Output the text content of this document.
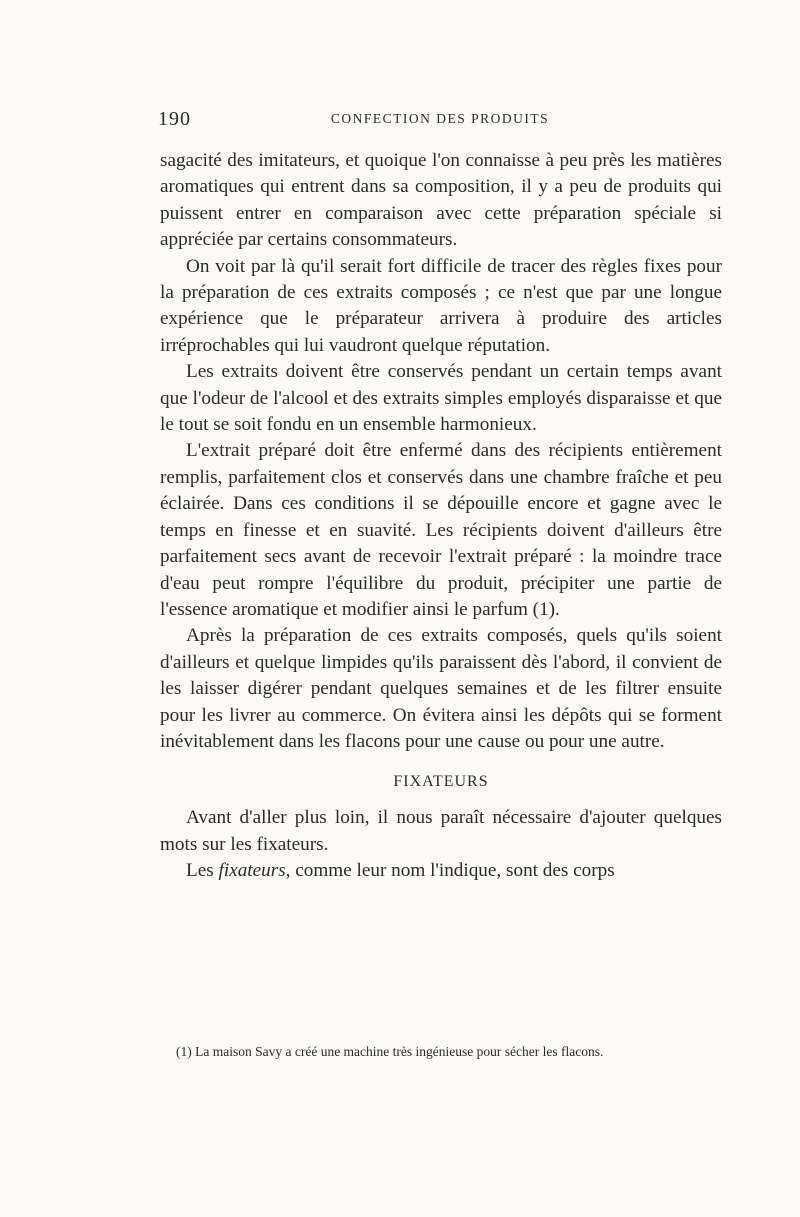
190	CONFECTION DES PRODUITS

sagacité des imitateurs, et quoique l'on connaisse à peu près les matières aromatiques qui entrent dans sa composition, il y a peu de produits qui puissent entrer en comparaison avec cette préparation spéciale si appréciée par certains consommateurs.

On voit par là qu'il serait fort difficile de tracer des règles fixes pour la préparation de ces extraits composés ; ce n'est que par une longue expérience que le préparateur arrivera à produire des articles irréprochables qui lui vaudront quelque réputation.

Les extraits doivent être conservés pendant un certain temps avant que l'odeur de l'alcool et des extraits simples employés disparaisse et que le tout se soit fondu en un ensemble harmonieux.

L'extrait préparé doit être enfermé dans des récipients entièrement remplis, parfaitement clos et conservés dans une chambre fraîche et peu éclairée. Dans ces conditions il se dépouille encore et gagne avec le temps en finesse et en suavité. Les récipients doivent d'ailleurs être parfaitement secs avant de recevoir l'extrait préparé : la moindre trace d'eau peut rompre l'équilibre du produit, précipiter une partie de l'essence aromatique et modifier ainsi le parfum (1).

Après la préparation de ces extraits composés, quels qu'ils soient d'ailleurs et quelque limpides qu'ils paraissent dès l'abord, il convient de les laisser digérer pendant quelques semaines et de les filtrer ensuite pour les livrer au commerce. On évitera ainsi les dépôts qui se forment inévitablement dans les flacons pour une cause ou pour une autre.

FIXATEURS

Avant d'aller plus loin, il nous paraît nécessaire d'ajouter quelques mots sur les fixateurs.

Les fixateurs, comme leur nom l'indique, sont des corps

(1) La maison Savy a créé une machine très ingénieuse pour sécher les flacons.
